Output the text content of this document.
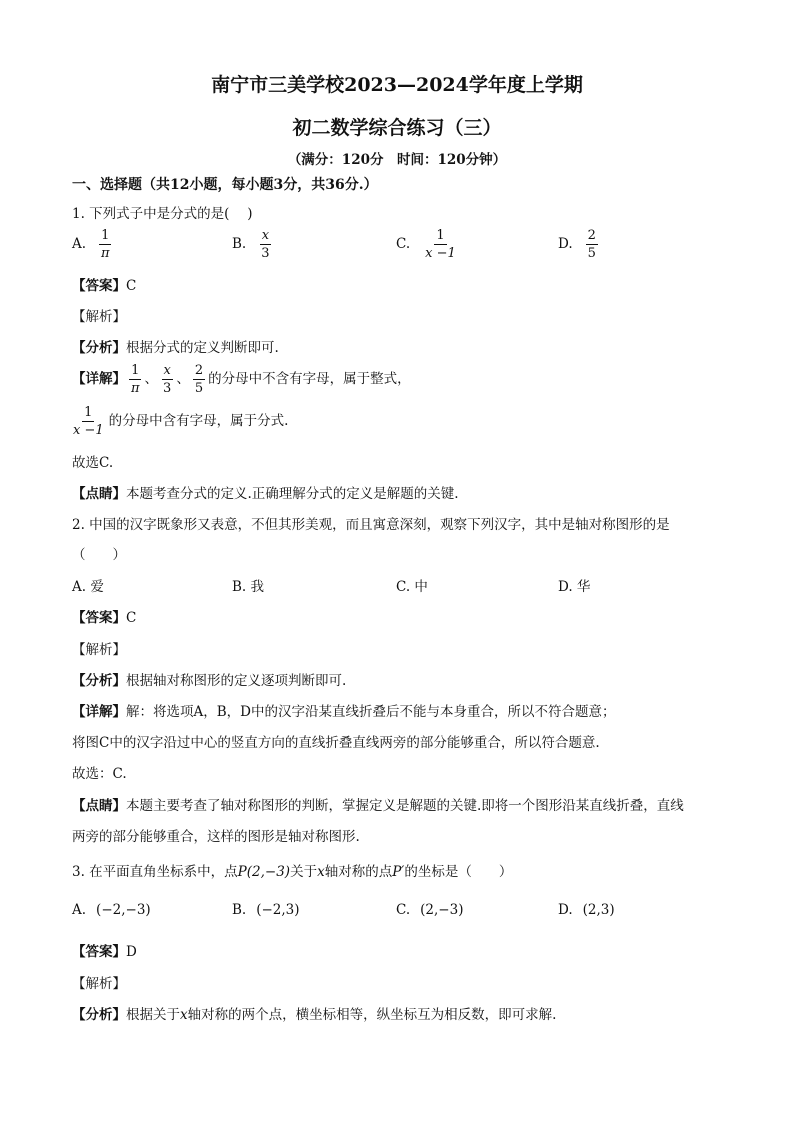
南宁市三美学校2023—2024学年度上学期
初二数学综合练习（三）
（满分：120分　时间：120分钟）
一、选择题（共12小题，每小题3分，共36分.）
1. 下列式子中是分式的是(　 )
A. $\frac{1}{\pi}$	B. $\frac{x}{3}$	C. $\frac{1}{x -1}$	D. $\frac{2}{5}$
【答案】C
【解析】
【分析】根据分式的定义判断即可.
【详解】 $\frac{1}{\pi}$ 、 $\frac{x}{3}$ 、 $\frac{2}{5}$ 的分母中不含有字母，属于整式，
$\frac{1}{x -1}$ 的分母中含有字母，属于分式.
故选C.
【点睛】本题考查分式的定义.正确理解分式的定义是解题的关键.
2. 中国的汉字既象形又表意，不但其形美观，而且寓意深刻，观察下列汉字，其中是轴对称图形的是
（　　）
A. 爱	B. 我	C. 中	D. 华
【答案】C
【解析】
【分析】根据轴对称图形的定义逐项判断即可.
【详解】解：将选项A，B，D中的汉字沿某直线折叠后不能与本身重合，所以不符合题意；
将图C中的汉字沿过中心的竖直方向的直线折叠直线两旁的部分能够重合，所以符合题意.
故选：C.
【点睛】本题主要考查了轴对称图形的判断，掌握定义是解题的关键.即将一个图形沿某直线折叠，直线
两旁的部分能够重合，这样的图形是轴对称图形.
3. 在平面直角坐标系中，点P(2,−3)关于x轴对称的点P′的坐标是（　　）
A. (−2,−3)	B. (−2,3)	C. (2,−3)	D. (2,3)
【答案】D
【解析】
【分析】根据关于x轴对称的两个点，横坐标相等，纵坐标互为相反数，即可求解.
